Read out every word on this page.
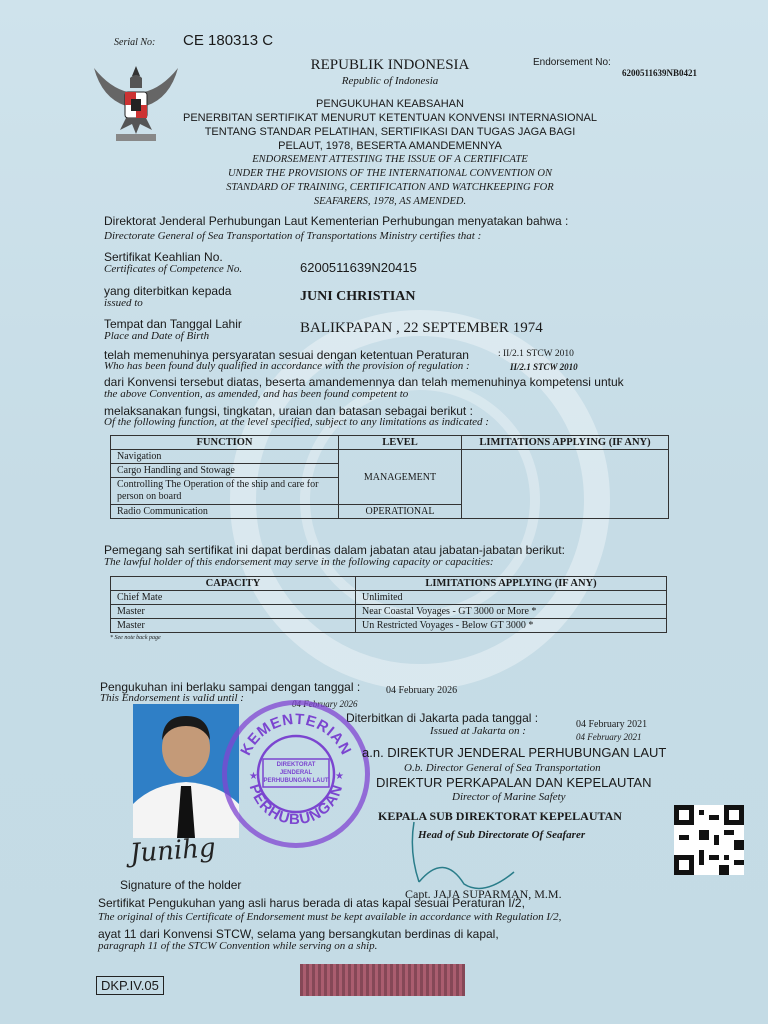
Serial No: CE 180313 C
REPUBLIK INDONESIA
Republic of Indonesia
Endorsement No:
6200511639NB0421
PENGUKUHAN KEABSAHAN
PENERBITAN SERTIFIKAT MENURUT KETENTUAN KONVENSI INTERNASIONAL
TENTANG STANDAR PELATIHAN, SERTIFIKASI DAN TUGAS JAGA BAGI
PELAUT, 1978, BESERTA AMANDEMENNYA
ENDORSEMENT ATTESTING THE ISSUE OF A CERTIFICATE
UNDER THE PROVISIONS OF THE INTERNATIONAL CONVENTION ON
STANDARD OF TRAINING, CERTIFICATION AND WATCHKEEPING FOR
SEAFARERS, 1978, AS AMENDED.
Direktorat Jenderal Perhubungan Laut Kementerian Perhubungan menyatakan bahwa :
Directorate General of Sea Transportation of Transportations Ministry certifies that :
Sertifikat Keahlian No.
Certificates of Competence No.	6200511639N20415
yang diterbitkan kepada
issued to	JUNI CHRISTIAN
Tempat dan Tanggal Lahir
Place and Date of Birth	BALIKPAPAN , 22 SEPTEMBER 1974
telah memenuhinya persyaratan sesuai dengan ketentuan Peraturan	: II/2.1 STCW 2010
Who has been found duly qualified in accordance with the provision of regulation :	II/2.1 STCW 2010
dari Konvensi tersebut diatas, beserta amandemennya dan telah memenuhinya kompetensi untuk
the above Convention, as amended, and has been found competent to
melaksanakan fungsi, tingkatan, uraian dan batasan sebagai berikut :
Of the following function, at the level specified, subject to any limitations as indicated :
FUNCTION	LEVEL	LIMITATIONS APPLYING (IF ANY)
Navigation	MANAGEMENT	
Cargo Handling and Stowage		
Controlling The Operation of the ship and care for person on board		
Radio Communication	OPERATIONAL	
Pemegang sah sertifikat ini dapat berdinas dalam jabatan atau jabatan-jabatan berikut:
The lawful holder of this endorsement may serve in the following capacity or capacities:
CAPACITY	LIMITATIONS APPLYING (IF ANY)
Chief Mate	Unlimited
Master	Near Coastal Voyages - GT 3000 or More *
Master	Un Restricted Voyages - Below GT 3000 *
* See note back page
Pengukuhan ini berlaku sampai dengan tanggal :
This Endorsement is valid until :
04 February 2026
04 February 2026
Diterbitkan di Jakarta pada tanggal :
Issued at Jakarta on :
04 February 2021
04 February 2021
KEMENTERIAN
PERHUBUNGAN
DIREKTORAT JENDERAL PERHUBUNGAN LAUT
★	★
a.n. DIREKTUR JENDERAL PERHUBUNGAN LAUT
O.b. Director General of Sea Transportation
DIREKTUR PERKAPALAN DAN KEPELAUTAN
Director of Marine Safety
KEPALA SUB DIREKTORAT KEPELAUTAN
Head of Sub Directorate Of Seafarer
Capt. JAJA SUPARMAN, M.M.
Junihg
Signature of the holder
Sertifikat Pengukuhan yang asli harus berada di atas kapal sesuai Peraturan I/2,
The original of this Certificate of Endorsement must be kept available in accordance with Regulation I/2,
ayat 11 dari Konvensi STCW, selama yang bersangkutan berdinas di kapal,
paragraph 11 of the STCW Convention while serving on a ship.
DKP.IV.05
